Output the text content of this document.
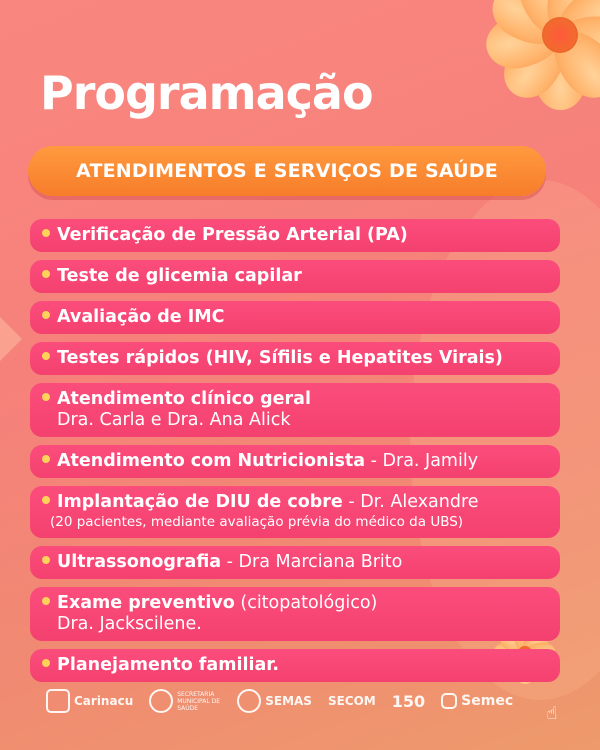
Programação
ATENDIMENTOS E SERVIÇOS DE SAÚDE
Verificação de Pressão Arterial (PA)
Teste de glicemia capilar
Avaliação de IMC
Testes rápidos (HIV, Sífilis e Hepatites Virais)
Atendimento clínico geral
Dra. Carla e Dra. Ana Alick
Atendimento com Nutricionista - Dra. Jamily
Implantação de DIU de cobre - Dr. Alexandre
(20 pacientes, mediante avaliação prévia do médico da UBS)
Ultrassonografia - Dra Marciana Brito
Exame preventivo (citopatológico)
Dra. Jackscilene.
Planejamento familiar.
Carinacu	SECRETARIA MUNICIPAL DE SAÚDE	SEMAS SECOM 150	Semec
☝
